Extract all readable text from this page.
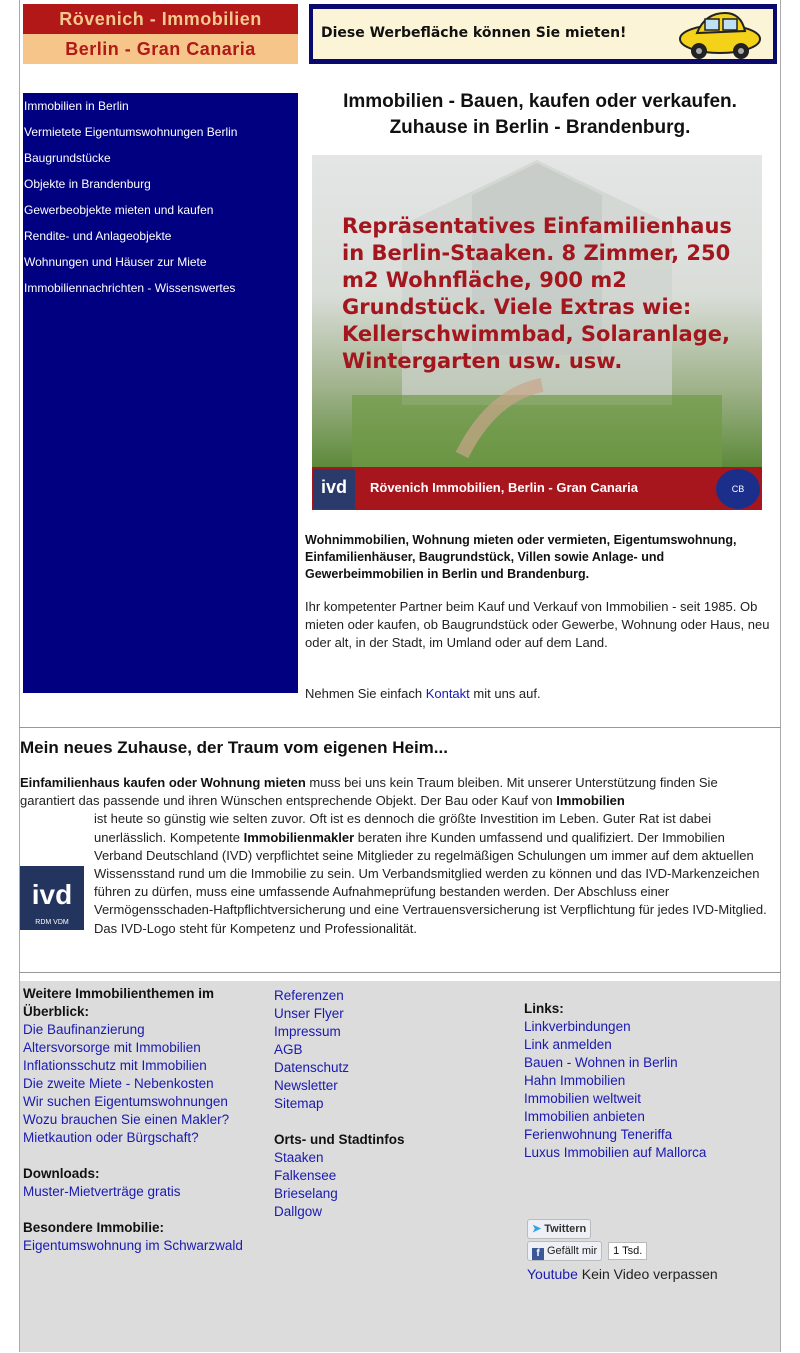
Rövenich - Immobilien
Berlin - Gran Canaria
Diese Werbefläche können Sie mieten!
Immobilien in Berlin
Vermietete Eigentumswohnungen Berlin
Baugrundstücke
Objekte in Brandenburg
Gewerbeobjekte mieten und kaufen
Rendite- und Anlageobjekte
Wohnungen und Häuser zur Miete
Immobiliennachrichten - Wissenswertes
Immobilien - Bauen, kaufen oder verkaufen.
Zuhause in Berlin - Brandenburg.
Repräsentatives Einfamilienhaus in Berlin-Staaken. 8 Zimmer, 250 m2 Wohnfläche, 900 m2 Grundstück. Viele Extras wie: Kellerschwimmbad, Solaranlage, Wintergarten usw. usw.
ivd	Rövenich Immobilien, Berlin - Gran Canaria	CB
Wohnimmobilien, Wohnung mieten oder vermieten, Eigentumswohnung, Einfamilienhäuser, Baugrundstück, Villen sowie Anlage- und Gewerbeimmobilien in Berlin und Brandenburg.
Ihr kompetenter Partner beim Kauf und Verkauf von Immobilien - seit 1985. Ob mieten oder kaufen, ob Baugrundstück oder Gewerbe, Wohnung oder Haus, neu oder alt, in der Stadt, im Umland oder auf dem Land.
Nehmen Sie einfach Kontakt mit uns auf.
Mein neues Zuhause, der Traum vom eigenen Heim...
Einfamilienhaus kaufen oder Wohnung mieten muss bei uns kein Traum bleiben. Mit unserer Unterstützung finden Sie garantiert das passende und ihren Wünschen entsprechende Objekt. Der Bau oder Kauf von Immobilien

ivd
RDM VDM
ist heute so günstig wie selten zuvor. Oft ist es dennoch die größte Investition im Leben. Guter Rat ist dabei unerlässlich. Kompetente Immobilienmakler beraten ihre Kunden umfassend und qualifiziert. Der Immobilien Verband Deutschland (IVD) verpflichtet seine Mitglieder zu regelmäßigen Schulungen um immer auf dem aktuellen Wissensstand rund um die Immobilie zu sein. Um Verbandsmitglied werden zu können und das IVD-Markenzeichen führen zu dürfen, muss eine umfassende Aufnahmeprüfung bestanden werden. Der Abschluss einer Vermögensschaden-Haftpflichtversicherung und eine Vertrauensversicherung ist Verpflichtung für jedes IVD-Mitglied. Das IVD-Logo steht für Kompetenz und Professionalität.
Weitere Immobilienthemen im Überblick:
Die Baufinanzierung
Altersvorsorge mit Immobilien
Inflationsschutz mit Immobilien
Die zweite Miete - Nebenkosten
Wir suchen Eigentumswohnungen
Wozu brauchen Sie einen Makler?
Mietkaution oder Bürgschaft?
Downloads:
Muster-Mietverträge gratis
Besondere Immobilie:
Eigentumswohnung im Schwarzwald
Referenzen
Unser Flyer
Impressum
AGB
Datenschutz
Newsletter
Sitemap
Orts- und Stadtinfos
Staaken
Falkensee
Brieselang
Dallgow
Links:
Linkverbindungen
Link anmelden
Bauen - Wohnen in Berlin
Hahn Immobilien
Immobilien weltweit
Immobilien anbieten
Ferienwohnung Teneriffa
Luxus Immobilien auf Mallorca
➤ Twittern
f Gefällt mir 1 Tsd.
Youtube Kein Video verpassen
